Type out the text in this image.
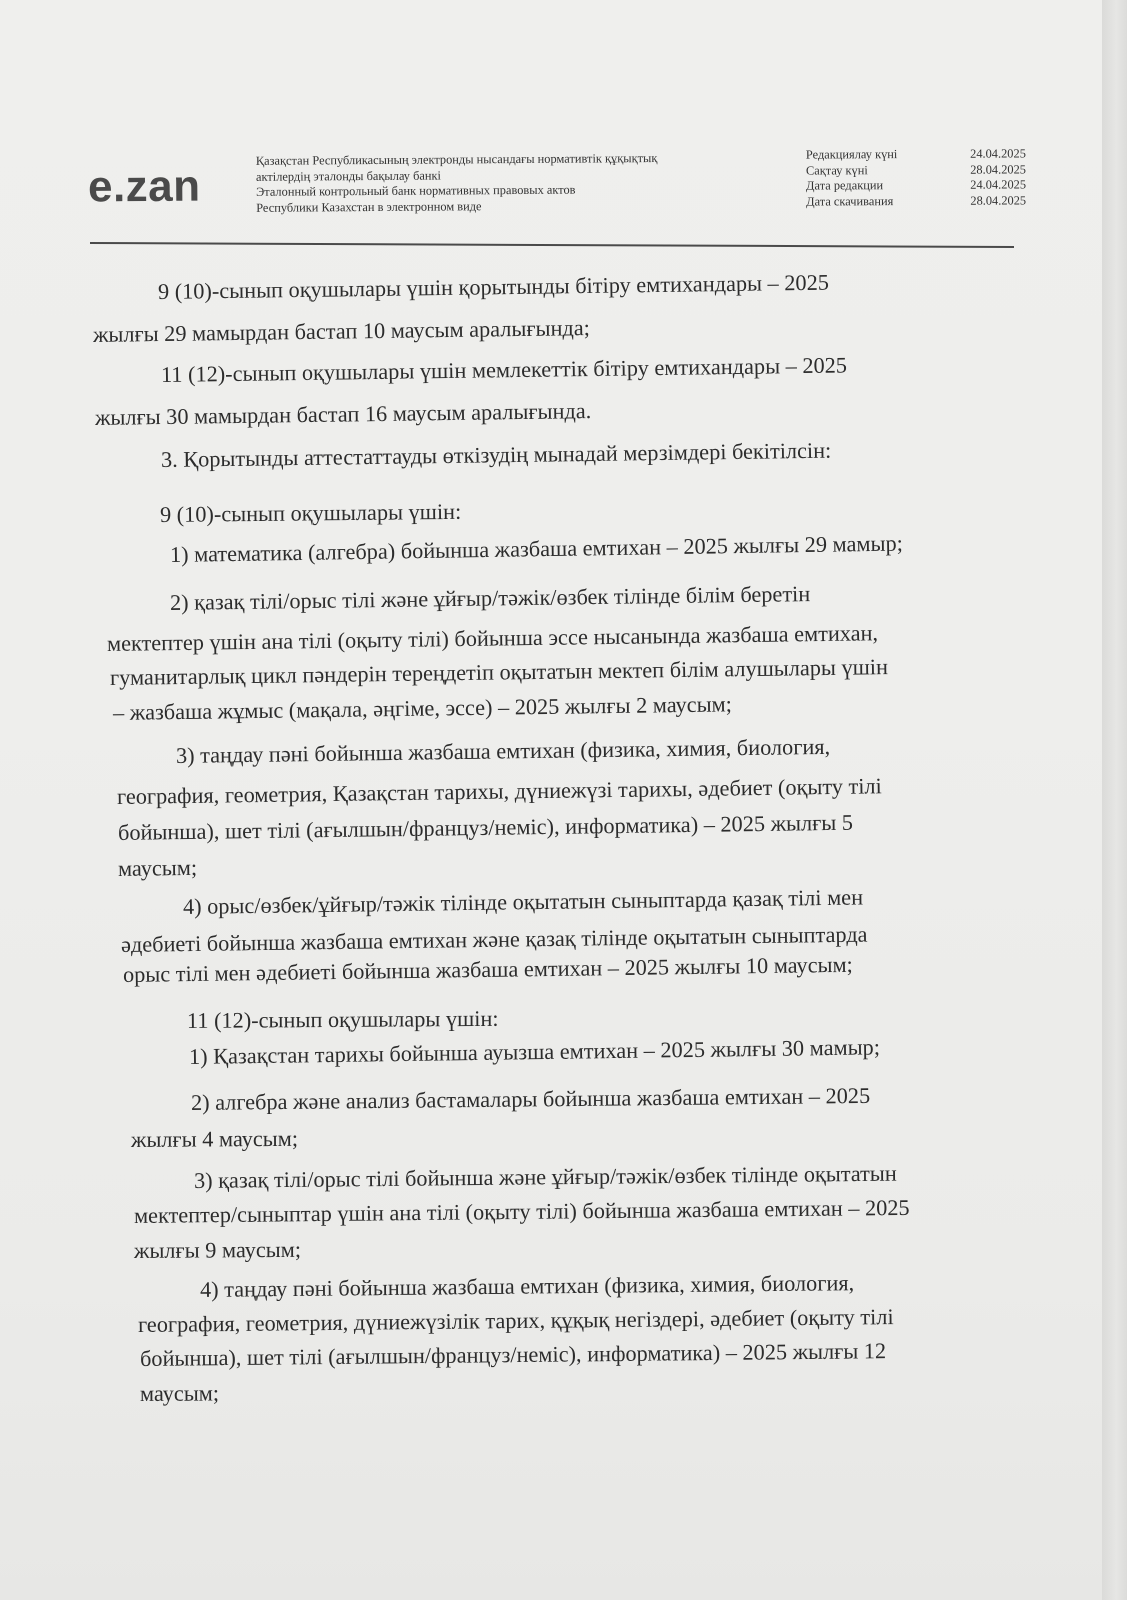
e.zan
Қазақстан Республикасының электронды нысандағы нормативтік құқықтық
актілердің эталонды бақылау банкі
Эталонный контрольный банк нормативных правовых актов
Республики Казахстан в электронном виде
Редакциялау күні	24.04.2025
Сақтау күні	28.04.2025
Дата редакции	24.04.2025
Дата скачивания	28.04.2025
9 (10)-сынып оқушылары үшін қорытынды бітіру емтихандары – 2025
жылғы 29 мамырдан бастап 10 маусым аралығында;
11 (12)-сынып оқушылары үшін мемлекеттік бітіру емтихандары – 2025
жылғы 30 мамырдан бастап 16 маусым аралығында.
3. Қорытынды аттестаттауды өткізудің мынадай мерзімдері бекітілсін:
9 (10)-сынып оқушылары үшін:
1) математика (алгебра) бойынша жазбаша емтихан – 2025 жылғы 29 мамыр;
2) қазақ тілі/орыс тілі және ұйғыр/тәжік/өзбек тілінде білім беретін
мектептер үшін ана тілі (оқыту тілі) бойынша эссе нысанында жазбаша емтихан,
гуманитарлық цикл пәндерін тереңдетіп оқытатын мектеп білім алушылары үшін
– жазбаша жұмыс (мақала, әңгіме, эссе) – 2025 жылғы 2 маусым;
3) таңдау пәні бойынша жазбаша емтихан (физика, химия, биология,
география, геометрия, Қазақстан тарихы, дүниежүзі тарихы, әдебиет (оқыту тілі
бойынша), шет тілі (ағылшын/француз/неміс), информатика) – 2025 жылғы 5
маусым;
4) орыс/өзбек/ұйғыр/тәжік тілінде оқытатын сыныптарда қазақ тілі мен
әдебиеті бойынша жазбаша емтихан және қазақ тілінде оқытатын сыныптарда
орыс тілі мен әдебиеті бойынша жазбаша емтихан – 2025 жылғы 10 маусым;
11 (12)-сынып оқушылары үшін:
1) Қазақстан тарихы бойынша ауызша емтихан – 2025 жылғы 30 мамыр;
2) алгебра және анализ бастамалары бойынша жазбаша емтихан – 2025
жылғы 4 маусым;
3) қазақ тілі/орыс тілі бойынша және ұйғыр/тәжік/өзбек тілінде оқытатын
мектептер/сыныптар үшін ана тілі (оқыту тілі) бойынша жазбаша емтихан – 2025
жылғы 9 маусым;
4) таңдау пәні бойынша жазбаша емтихан (физика, химия, биология,
география, геометрия, дүниежүзілік тарих, құқық негіздері, әдебиет (оқыту тілі
бойынша), шет тілі (ағылшын/француз/неміс), информатика) – 2025 жылғы 12
маусым;
